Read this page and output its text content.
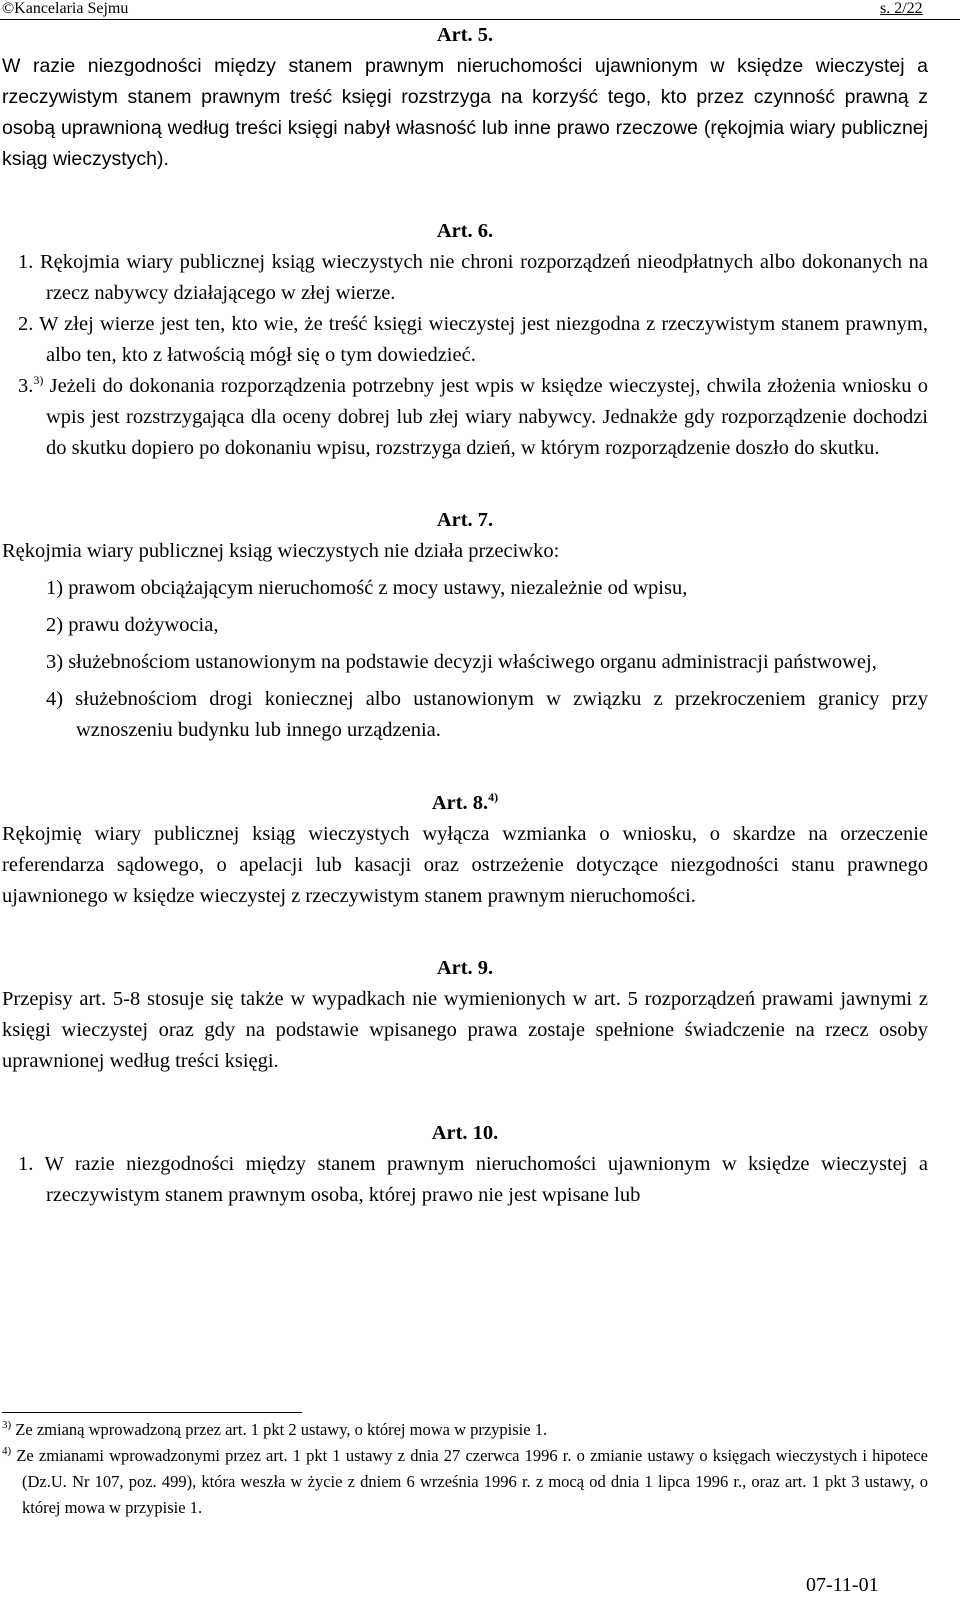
©Kancelaria Sejmu	s. 2/22

Art. 5.

W razie niezgodności między stanem prawnym nieruchomości ujawnionym w księdze wieczystej a rzeczywistym stanem prawnym treść księgi rozstrzyga na korzyść tego, kto przez czynność prawną z osobą uprawnioną według treści księgi nabył własność lub inne prawo rzeczowe (rękojmia wiary publicznej ksiąg wieczystych).

Art. 6.

1. Rękojmia wiary publicznej ksiąg wieczystych nie chroni rozporządzeń nieodpłatnych albo dokonanych na rzecz nabywcy działającego w złej wierze.

2. W złej wierze jest ten, kto wie, że treść księgi wieczystej jest niezgodna z rzeczywistym stanem prawnym, albo ten, kto z łatwością mógł się o tym dowiedzieć.

3.$^{3)}$ Jeżeli do dokonania rozporządzenia potrzebny jest wpis w księdze wieczystej, chwila złożenia wniosku o wpis jest rozstrzygająca dla oceny dobrej lub złej wiary nabywcy. Jednakże gdy rozporządzenie dochodzi do skutku dopiero po dokonaniu wpisu, rozstrzyga dzień, w którym rozporządzenie doszło do skutku.

Art. 7.

Rękojmia wiary publicznej ksiąg wieczystych nie działa przeciwko:

1) prawom obciążającym nieruchomość z mocy ustawy, niezależnie od wpisu,

2) prawu dożywocia,

3) służebnościom ustanowionym na podstawie decyzji właściwego organu administracji państwowej,

4) służebnościom drogi koniecznej albo ustanowionym w związku z przekroczeniem granicy przy wznoszeniu budynku lub innego urządzenia.

Art. 8.$^{4)}$

Rękojmię wiary publicznej ksiąg wieczystych wyłącza wzmianka o wniosku, o skardze na orzeczenie referendarza sądowego, o apelacji lub kasacji oraz ostrzeżenie dotyczące niezgodności stanu prawnego ujawnionego w księdze wieczystej z rzeczywistym stanem prawnym nieruchomości.

Art. 9.

Przepisy art. 5-8 stosuje się także w wypadkach nie wymienionych w art. 5 rozporządzeń prawami jawnymi z księgi wieczystej oraz gdy na podstawie wpisanego prawa zostaje spełnione świadczenie na rzecz osoby uprawnionej według treści księgi.

Art. 10.

1. W razie niezgodności między stanem prawnym nieruchomości ujawnionym w księdze wieczystej a rzeczywistym stanem prawnym osoba, której prawo nie jest wpisane lub

$^{3)}$ Ze zmianą wprowadzoną przez art. 1 pkt 2 ustawy, o której mowa w przypisie 1.

$^{4)}$ Ze zmianami wprowadzonymi przez art. 1 pkt 1 ustawy z dnia 27 czerwca 1996 r. o zmianie ustawy o księgach wieczystych i hipotece (Dz.U. Nr 107, poz. 499), która weszła w życie z dniem 6 września 1996 r. z mocą od dnia 1 lipca 1996 r., oraz art. 1 pkt 3 ustawy, o której mowa w przypisie 1.

07-11-01
